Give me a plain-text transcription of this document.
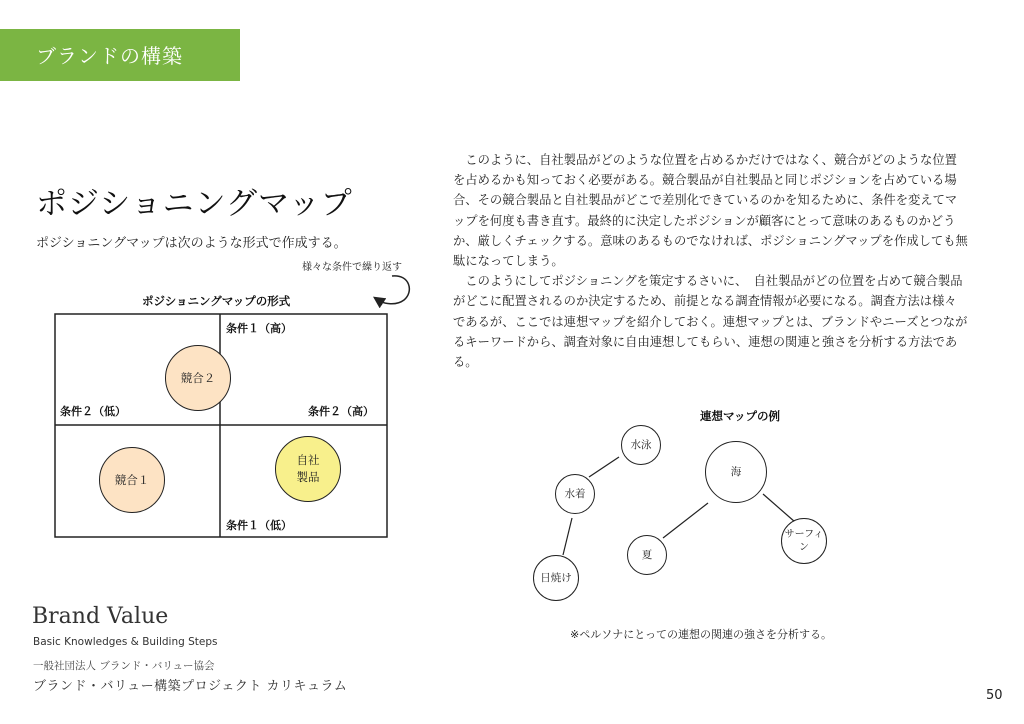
ブランドの構築
ポジショニングマップ
ポジショニングマップは次のような形式で作成する。
様々な条件で繰り返す
ポジショニングマップの形式
条件１（高）
条件１（低）
条件２（低）	条件２（高）
競合２
競合１
自社
製品

このように、自社製品がどのような位置を占めるかだけではなく、競合がどのような位置を占めるかも知っておく必要がある。競合製品が自社製品と同じポジションを占めている場合、その競合製品と自社製品がどこで差別化できているのかを知るために、条件を変えてマップを何度も書き直す。最終的に決定したポジションが顧客にとって意味のあるものかどうか、厳しくチェックする。意味のあるものでなければ、ポジショニングマップを作成しても無駄になってしまう。

このようにしてポジショニングを策定するさいに、　自社製品がどの位置を占めて競合製品がどこに配置されるのか決定するため、前提となる調査情報が必要になる。調査方法は様々であるが、ここでは連想マップを紹介しておく。連想マップとは、ブランドやニーズとつながるキーワードから、調査対象に自由連想してもらい、連想の関連と強さを分析する方法である。

連想マップの例
水泳
水着
海
夏
日焼け
サーフィ
ン
※ペルソナにとっての連想の関連の強さを分析する。
Brand Value
Basic Knowledges & Building Steps
一般社団法人 ブランド・バリュー協会
ブランド・バリュー構築プロジェクト カリキュラム
50
